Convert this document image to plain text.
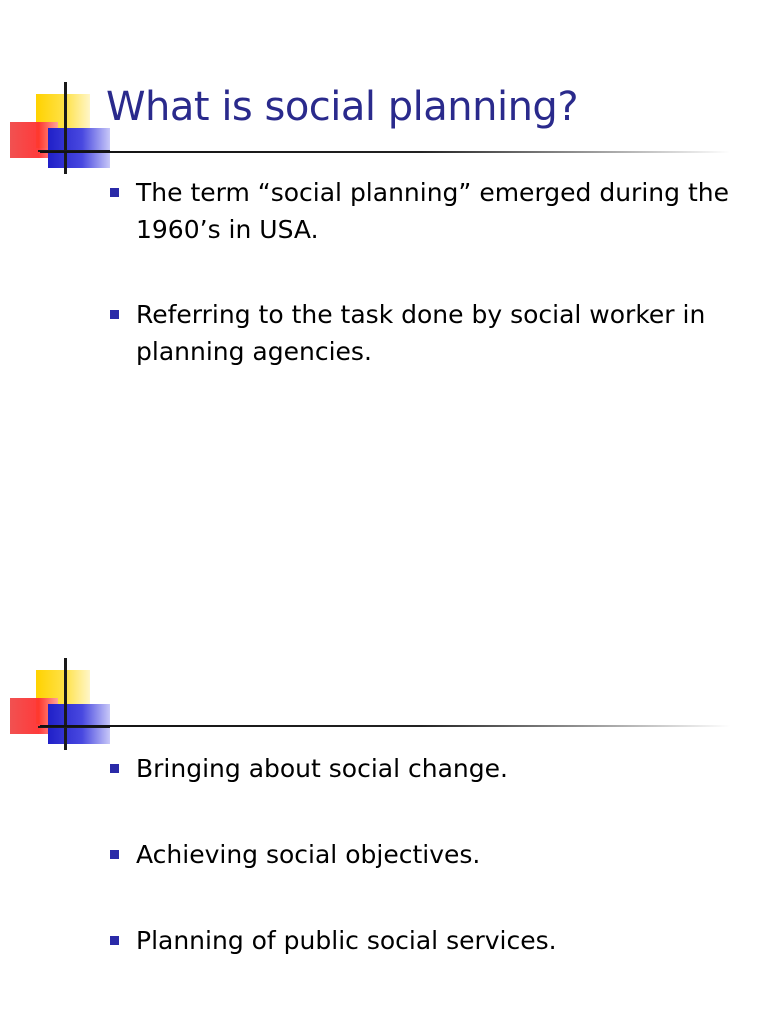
What is social planning?
The term “social planning” emerged during the 1960’s in USA.
Referring to the task done by social worker in planning agencies.
Bringing about social change.
Achieving social objectives.
Planning of public social services.
